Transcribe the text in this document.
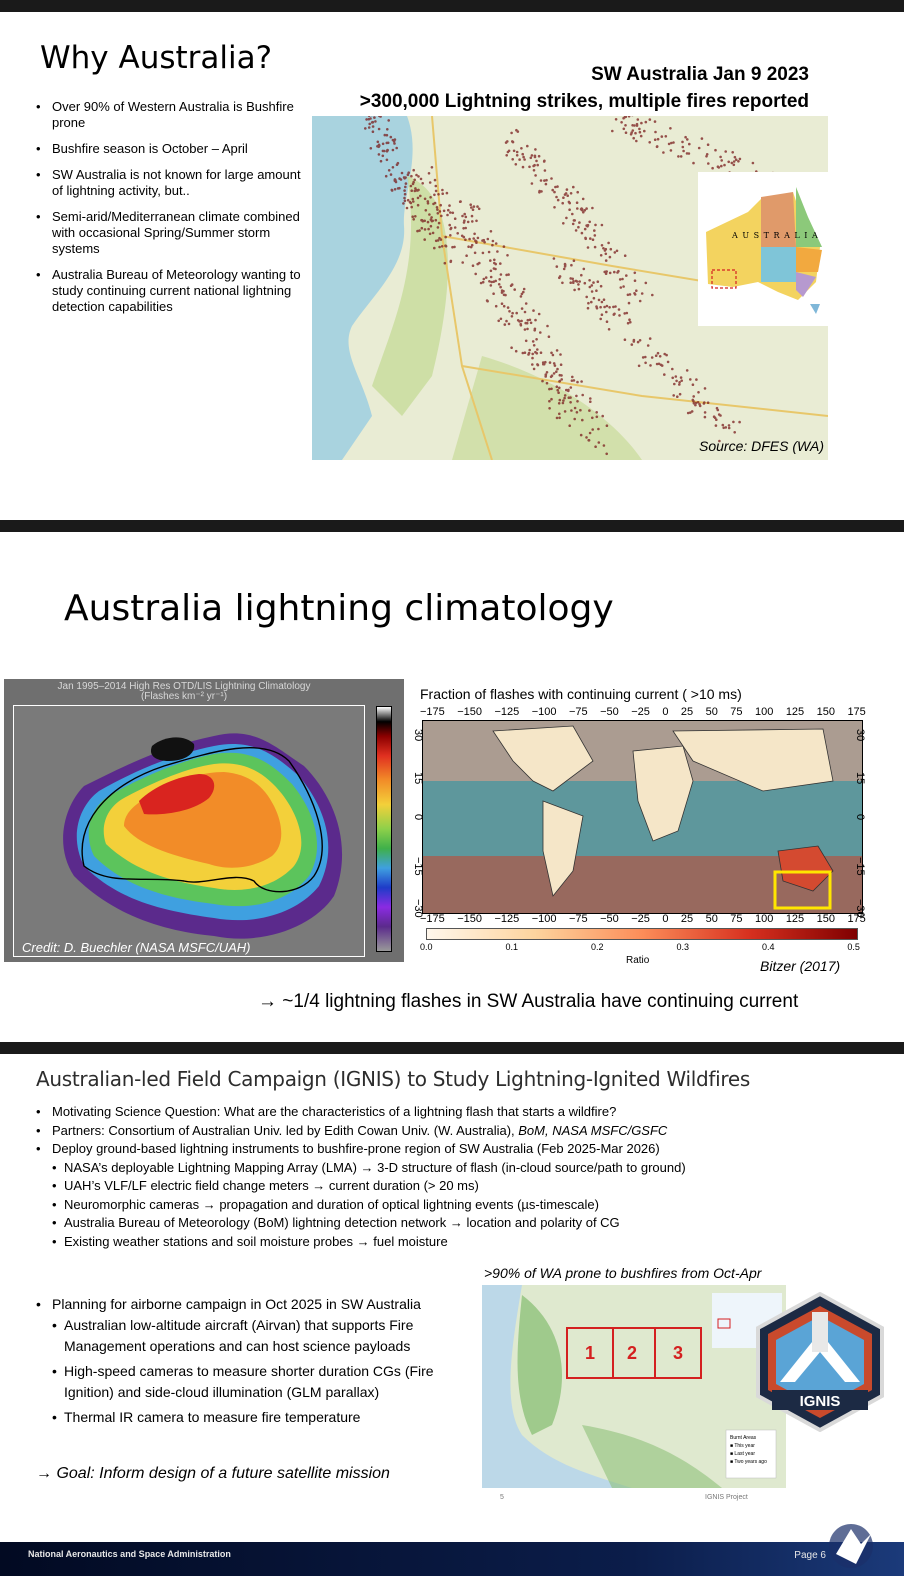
Why Australia?
• Over 90% of Western Australia is Bushfire prone
• Bushfire season is October – April
• SW Australia is not known for large amount of lightning activity, but..
• Semi-arid/Mediterranean climate combined with occasional Spring/Summer storm systems
• Australia Bureau of Meteorology wanting to study continuing current national lightning detection capabilities
SW Australia Jan 9 2023
>300,000 Lightning strikes, multiple fires reported
A U S T R A L I A
Source: DFES (WA)
Australia lightning climatology
Jan 1995–2014 High Res OTD/LIS Lightning Climatology
(Flashes km⁻² yr⁻¹)
Credit: D. Buechler (NASA MSFC/UAH)
Fraction of flashes with continuing current ( >10 ms)
−175 −150 −125 −100 −75 −50 −25 0 25 50 75 100 125 150 175
30
15
0
−15
−30
30
15
0
−15
−30
−175 −150 −125 −100 −75 −50 −25 0 25 50 75 100 125 150 175
0.0	0.1	0.2	0.3	0.4	0.5
Ratio	Bitzer (2017)
→ ~1/4 lightning flashes in SW Australia have continuing current
Australian-led Field Campaign (IGNIS) to Study Lightning-Ignited Wildfires
• Motivating Science Question: What are the characteristics of a lightning flash that starts a wildfire?
• Partners: Consortium of Australian Univ. led by Edith Cowan Univ. (W. Australia), BoM, NASA MSFC/GSFC
• Deploy ground-based lightning instruments to bushfire-prone region of SW Australia (Feb 2025-Mar 2026)
• NASA’s deployable Lightning Mapping Array (LMA) → 3-D structure of flash (in-cloud source/path to ground)
• UAH’s VLF/LF electric field change meters → current duration (> 20 ms)
• Neuromorphic cameras → propagation and duration of optical lightning events (µs-timescale)
• Australia Bureau of Meteorology (BoM) lightning detection network → location and polarity of CG
• Existing weather stations and soil moisture probes → fuel moisture
• Planning for airborne campaign in Oct 2025 in SW Australia
• Australian low-altitude aircraft (Airvan) that supports Fire Management operations and can host science payloads
• High-speed cameras to measure shorter duration CGs (Fire Ignition) and side-cloud illumination (GLM parallax)
• Thermal IR camera to measure fire temperature
→ Goal: Inform design of a future satellite mission
>90% of WA prone to bushfires from Oct-Apr
1	2	3
Burnt Areas
■ This year
■ Last year
■ Two years ago
5	IGNIS Project
IGNIS
National Aeronautics and Space Administration	Page 6
